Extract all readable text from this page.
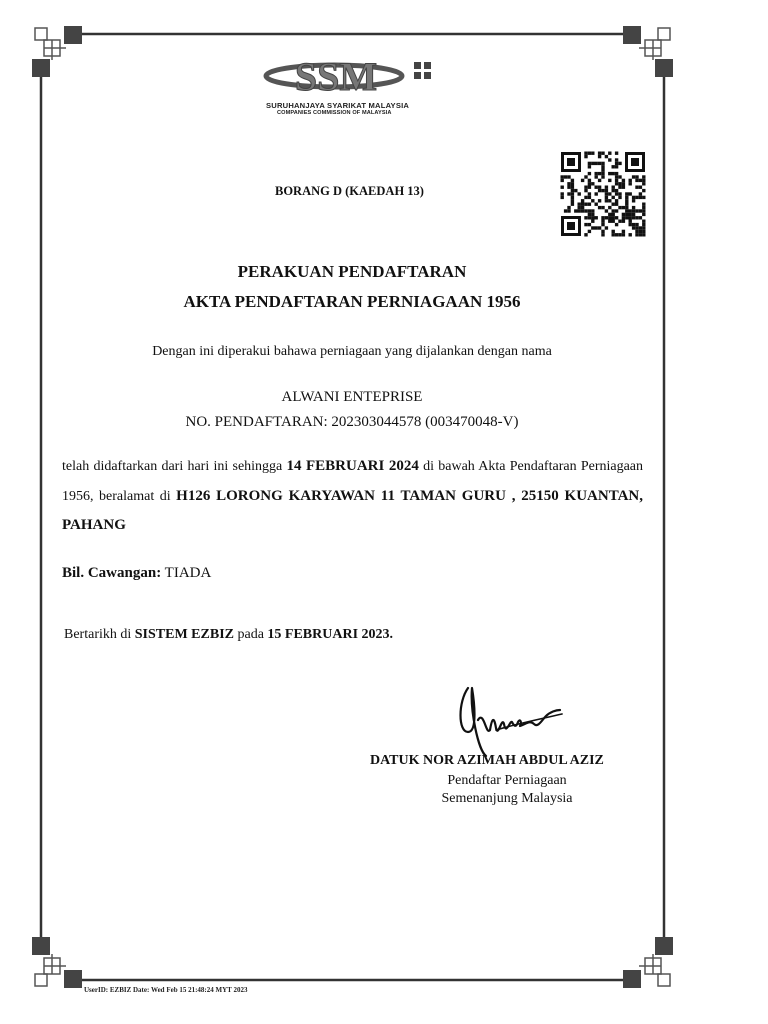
SSM
SURUHANJAYA SYARIKAT MALAYSIA
COMPANIES COMMISSION OF MALAYSIA
BORANG D (KAEDAH 13)
PERAKUAN PENDAFTARAN
AKTA PENDAFTARAN PERNIAGAAN 1956
Dengan ini diperakui bahawa perniagaan yang dijalankan dengan nama
ALWANI ENTEPRISE
NO. PENDAFTARAN: 202303044578 (003470048-V)
telah didaftarkan dari hari ini sehingga 14 FEBRUARI 2024 di bawah Akta Pendaftaran Perniagaan 1956, beralamat di H126 LORONG KARYAWAN 11 TAMAN GURU , 25150 KUANTAN, PAHANG
Bil. Cawangan: TIADA
Bertarikh di SISTEM EZBIZ pada 15 FEBRUARI 2023.
DATUK NOR AZIMAH ABDUL AZIZ
Pendaftar Perniagaan
Semenanjung Malaysia
UserID: EZBIZ Date: Wed Feb 15 21:48:24 MYT 2023
